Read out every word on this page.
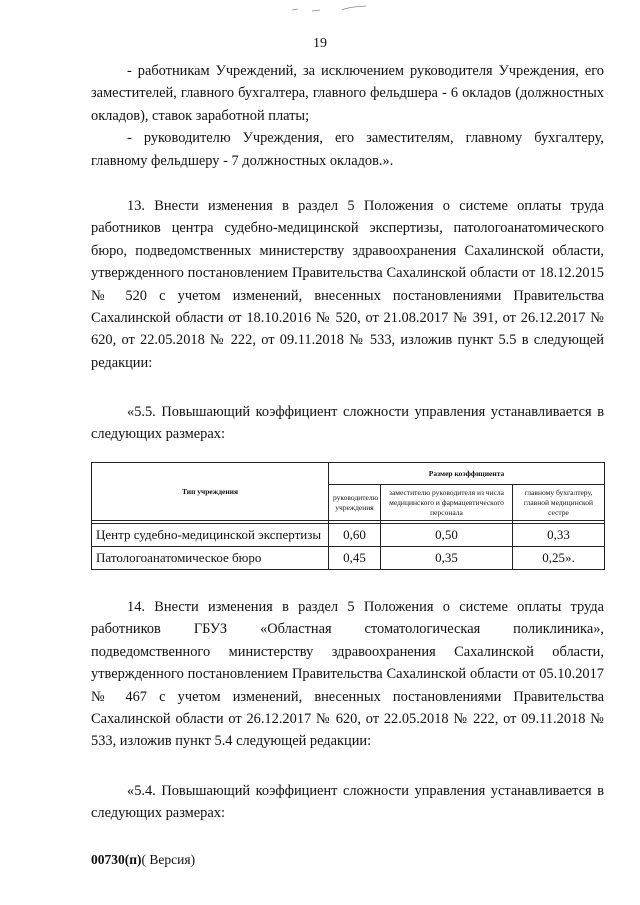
19

- работникам Учреждений, за исключением руководителя Учреждения, его заместителей, главного бухгалтера, главного фельдшера - 6 окладов (должностных окладов), ставок заработной платы;

- руководителю Учреждения, его заместителям, главному бухгалтеру, главному фельдшеру - 7 должностных окладов.».

13. Внести изменения в раздел 5 Положения о системе оплаты труда работников центра судебно-медицинской экспертизы, патологоанатомического бюро, подведомственных министерству здравоохранения Сахалинской области, утвержденного постановлением Правительства Сахалинской области от 18.12.2015 № 520 с учетом изменений, внесенных постановлениями Правительства Сахалинской области от 18.10.2016 № 520, от 21.08.2017 № 391, от 26.12.2017 № 620, от 22.05.2018 № 222, от 09.11.2018 № 533, изложив пункт 5.5 в следующей редакции:

«5.5. Повышающий коэффициент сложности управления устанавливается в следующих размерах:

Тип учреждения	Размер коэффициента		
	руководителю учреждения	заместителю руководителя из числа медицинского и фармацевтического персонала	главному бухгалтеру, главной медицинской сестре

Центр судебно-медицинской экспертизы	0,60	0,50	0,33
Патологоанатомическое бюро	0,45	0,35	0,25».

14. Внести изменения в раздел 5 Положения о системе оплаты труда работников ГБУЗ «Областная стоматологическая поликлиника», подведомственного министерству здравоохранения Сахалинской области, утвержденного постановлением Правительства Сахалинской области от 05.10.2017 № 467 с учетом изменений, внесенных постановлениями Правительства Сахалинской области от 26.12.2017 № 620, от 22.05.2018 № 222, от 09.11.2018 № 533, изложив пункт 5.4 следующей редакции:

«5.4. Повышающий коэффициент сложности управления устанавливается в следующих размерах:

00730(п)( Версия)
